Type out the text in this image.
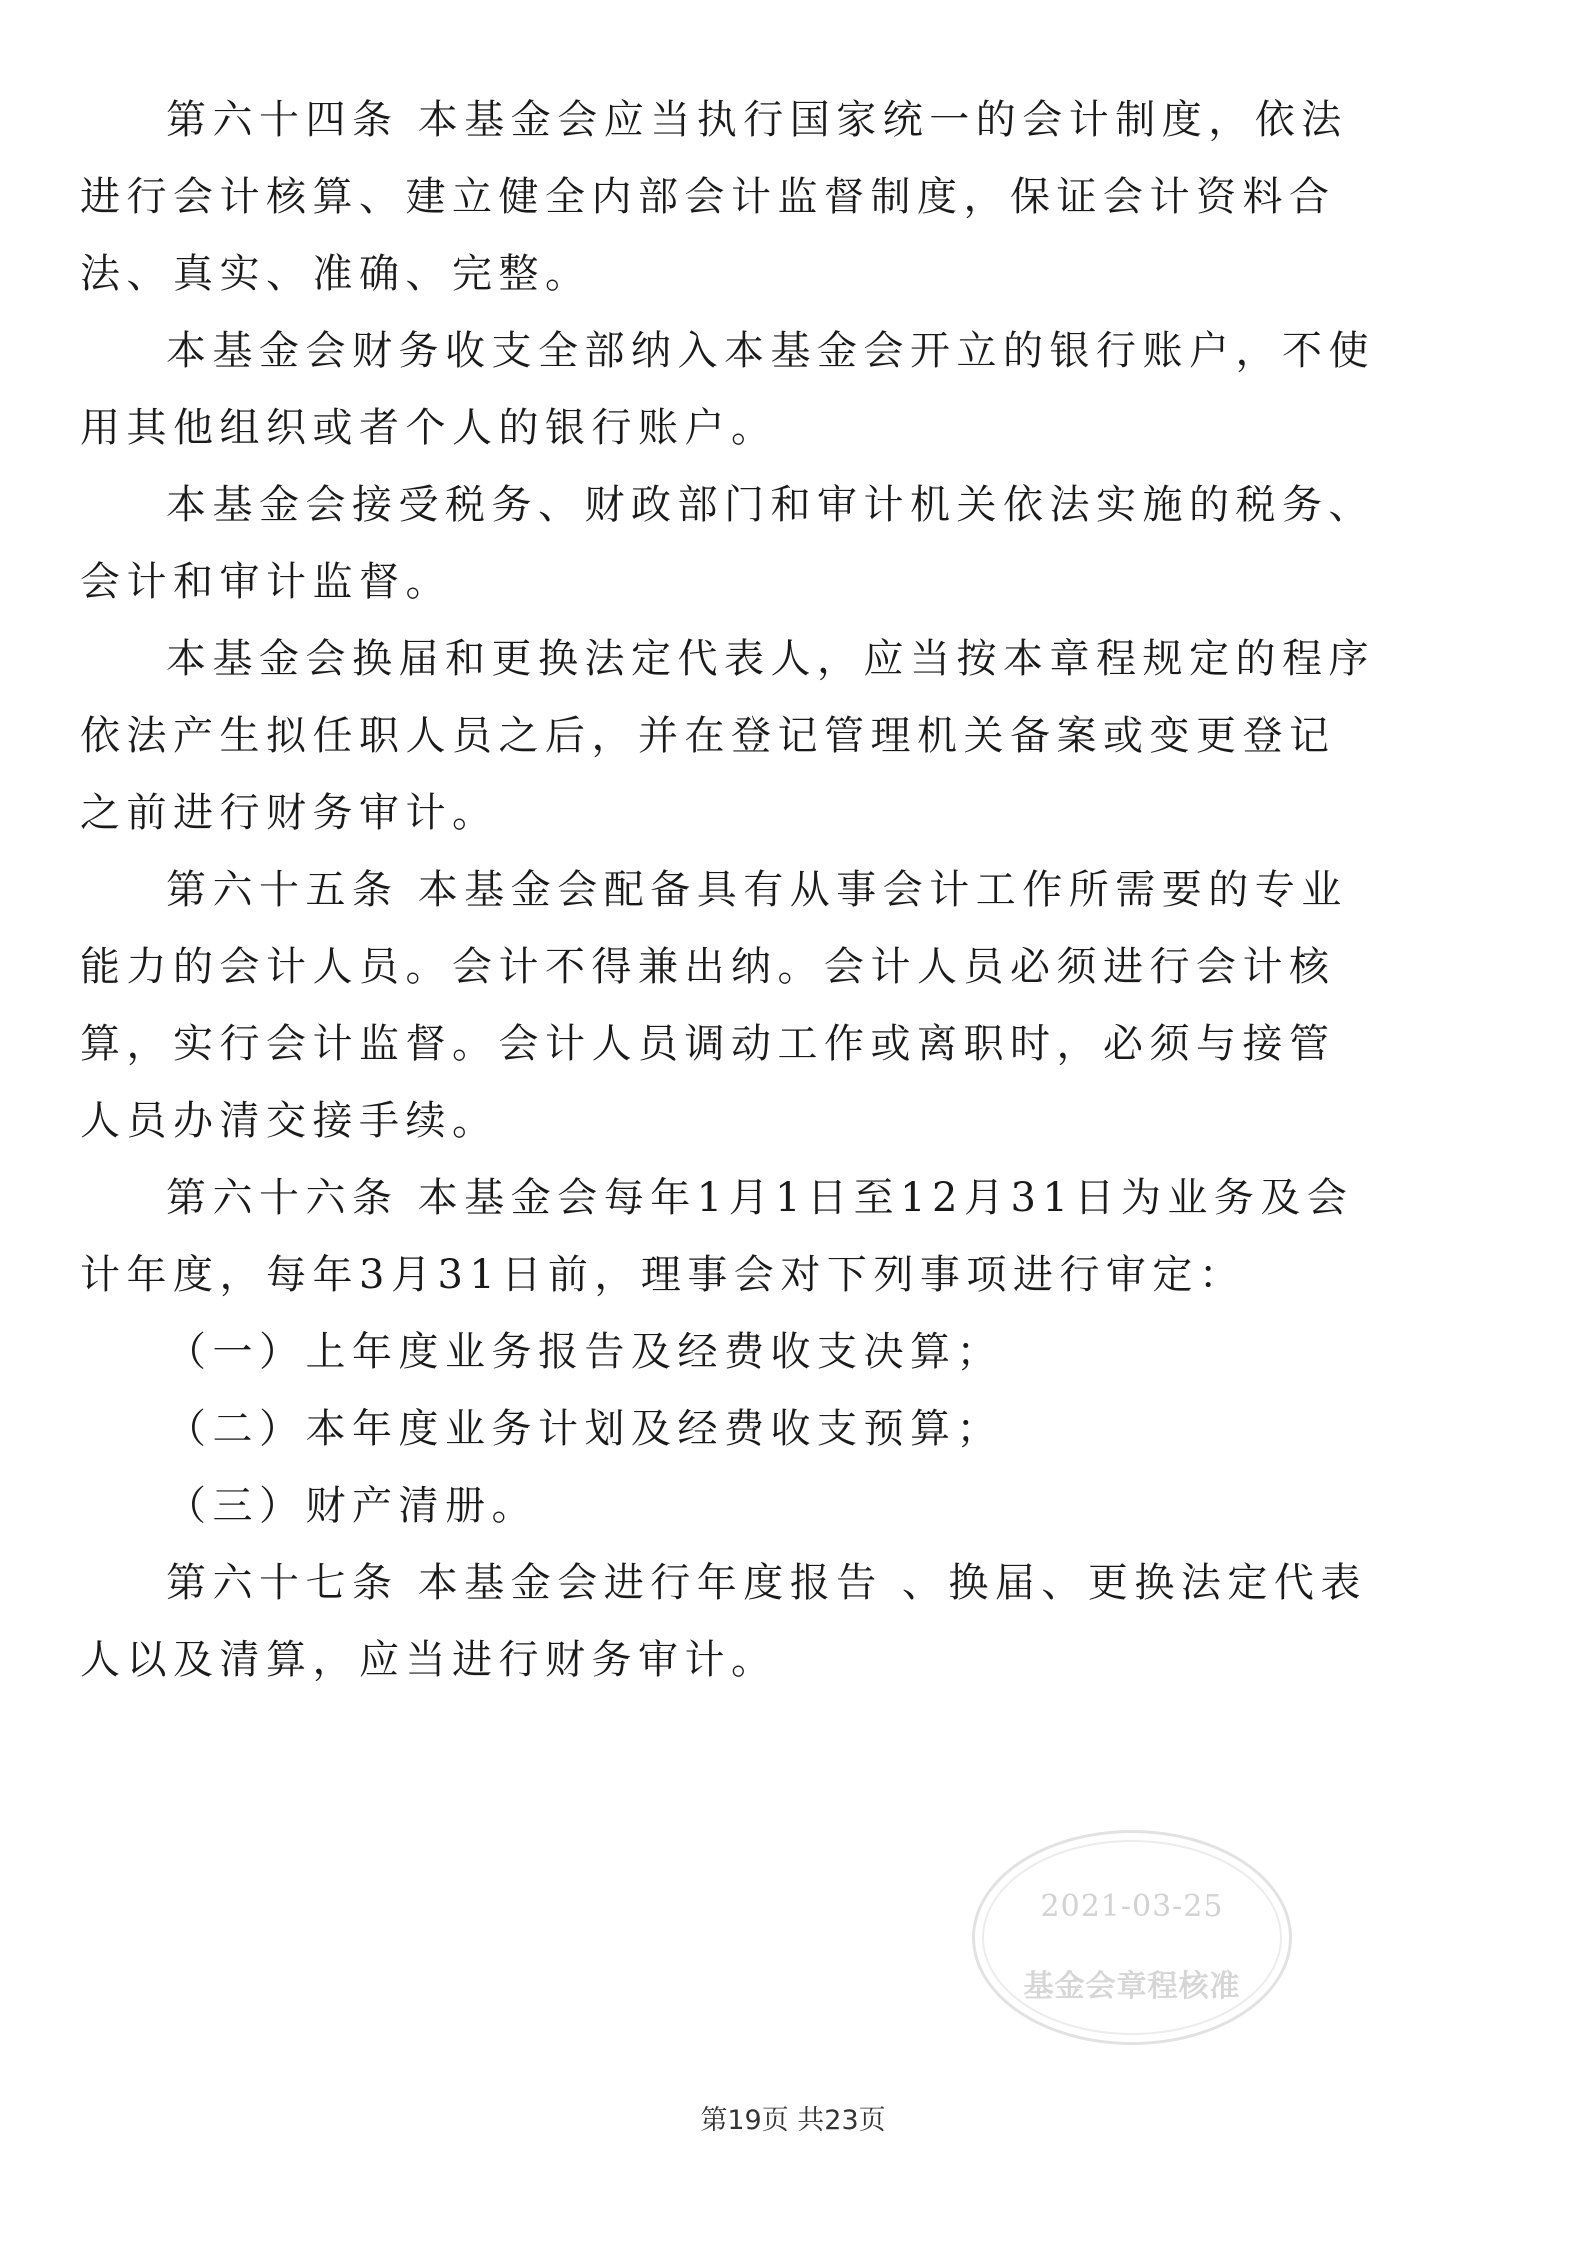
第六十四条 本基金会应当执行国家统一的会计制度，依法进行会计核算、建立健全内部会计监督制度，保证会计资料合法、真实、准确、完整。

本基金会财务收支全部纳入本基金会开立的银行账户，不使用其他组织或者个人的银行账户。

本基金会接受税务、财政部门和审计机关依法实施的税务、会计和审计监督。

本基金会换届和更换法定代表人，应当按本章程规定的程序依法产生拟任职人员之后，并在登记管理机关备案或变更登记之前进行财务审计。

第六十五条 本基金会配备具有从事会计工作所需要的专业能力的会计人员。会计不得兼出纳。会计人员必须进行会计核算，实行会计监督。会计人员调动工作或离职时，必须与接管人员办清交接手续。

第六十六条 本基金会每年1月1日至12月31日为业务及会计年度，每年3月31日前，理事会对下列事项进行审定：

（一）上年度业务报告及经费收支决算；

（二）本年度业务计划及经费收支预算；

（三）财产清册。

第六十七条 本基金会进行年度报告 、换届、更换法定代表人以及清算，应当进行财务审计。

2021-03-25
基金会章程核准
第19页 共23页
